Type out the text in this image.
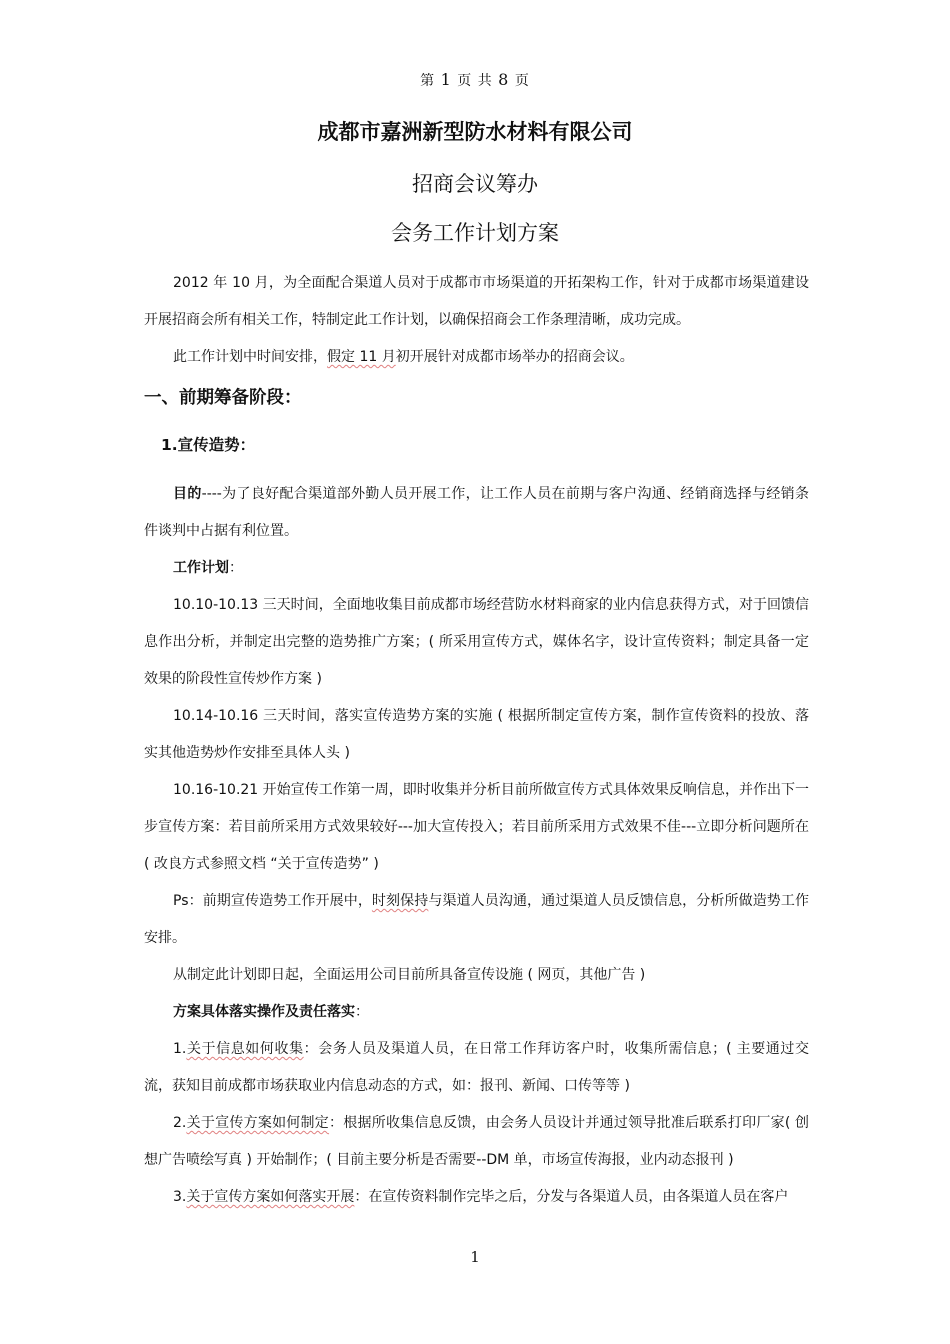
第 1 页 共 8 页
成都市嘉洲新型防水材料有限公司
招商会议筹办
会务工作计划方案

2012 年 10 月，为全面配合渠道人员对于成都市市场渠道的开拓架构工作，针对于成都市场渠道建设开展招商会所有相关工作，特制定此工作计划，以确保招商会工作条理清晰，成功完成。

此工作计划中时间安排，假定 11 月初开展针对成都市场举办的招商会议。

一、前期筹备阶段：

1.宣传造势：

目的----为了良好配合渠道部外勤人员开展工作，让工作人员在前期与客户沟通、经销商选择与经销条件谈判中占据有利位置。

工作计划：

10.10-10.13 三天时间，全面地收集目前成都市场经营防水材料商家的业内信息获得方式，对于回馈信息作出分析，并制定出完整的造势推广方案；( 所采用宣传方式，媒体名字，设计宣传资料；制定具备一定效果的阶段性宣传炒作方案 )

10.14-10.16 三天时间，落实宣传造势方案的实施 ( 根据所制定宣传方案，制作宣传资料的投放、落实其他造势炒作安排至具体人头 )

10.16-10.21 开始宣传工作第一周，即时收集并分析目前所做宣传方式具体效果反响信息，并作出下一步宣传方案：若目前所采用方式效果较好---加大宣传投入；若目前所采用方式效果不佳---立即分析问题所在 ( 改良方式参照文档 “关于宣传造势” )

Ps：前期宣传造势工作开展中，时刻保持与渠道人员沟通，通过渠道人员反馈信息，分析所做造势工作安排。

从制定此计划即日起，全面运用公司目前所具备宣传设施 ( 网页，其他广告 )

方案具体落实操作及责任落实：

1.关于信息如何收集：会务人员及渠道人员，在日常工作拜访客户时，收集所需信息；( 主要通过交流，获知目前成都市场获取业内信息动态的方式，如：报刊、新闻、口传等等 )

2.关于宣传方案如何制定：根据所收集信息反馈，由会务人员设计并通过领导批准后联系打印厂家( 创想广告喷绘写真 ) 开始制作；( 目前主要分析是否需要--DM 单，市场宣传海报，业内动态报刊 )

3.关于宣传方案如何落实开展：在宣传资料制作完毕之后，分发与各渠道人员，由各渠道人员在客户

1
